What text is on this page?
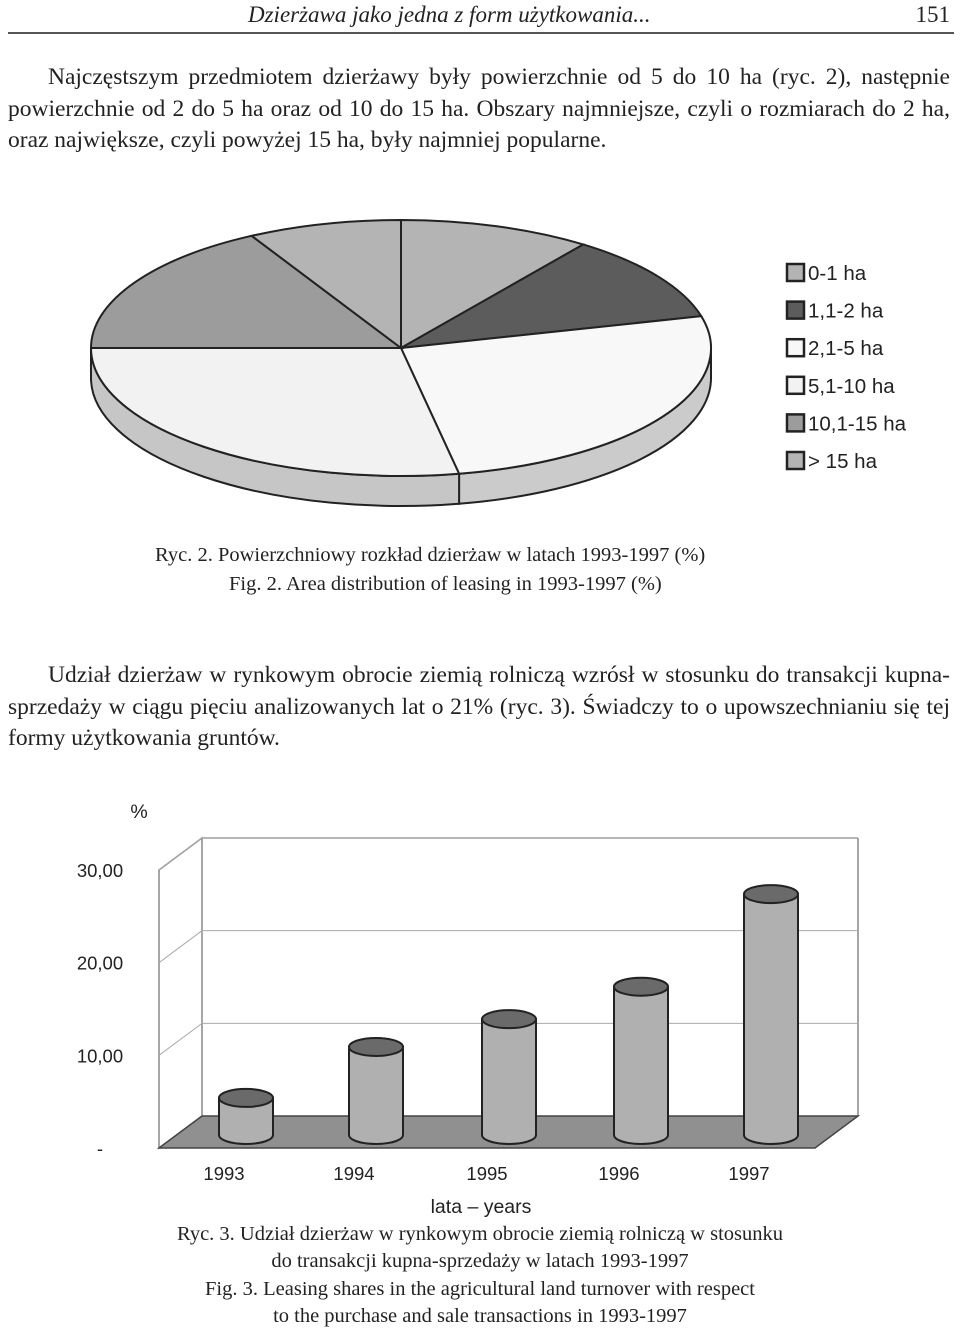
Dzierżawa jako jedna z form użytkowania...	151
Najczęstszym przedmiotem dzierżawy były powierzchnie od 5 do 10 ha (ryc. 2), następnie powierzchnie od 2 do 5 ha oraz od 10 do 15 ha. Obszary najmniejsze, czyli o rozmiarach do 2 ha, oraz największe, czyli powyżej 15 ha, były najmniej popularne.
0-1 ha
1,1-2 ha
2,1-5 ha
5,1-10 ha
10,1-15 ha
> 15 ha
Ryc. 2. Powierzchniowy rozkład dzierżaw w latach 1993-1997 (%)
Fig. 2. Area distribution of leasing in 1993-1997 (%)
Udział dzierżaw w rynkowym obrocie ziemią rolniczą wzrósł w stosunku do transakcji kupna-sprzedaży w ciągu pięciu analizowanych lat o 21% (ryc. 3). Świadczy to o upowszechnianiu się tej formy użytkowania gruntów.
-
10,00
20,00
30,00
%
1993	1994	1995	1996	1997
lata – years
Ryc. 3. Udział dzierżaw w rynkowym obrocie ziemią rolniczą w stosunku
do transakcji kupna-sprzedaży w latach 1993-1997
Fig. 3. Leasing shares in the agricultural land turnover with respect
to the purchase and sale transactions in 1993-1997
